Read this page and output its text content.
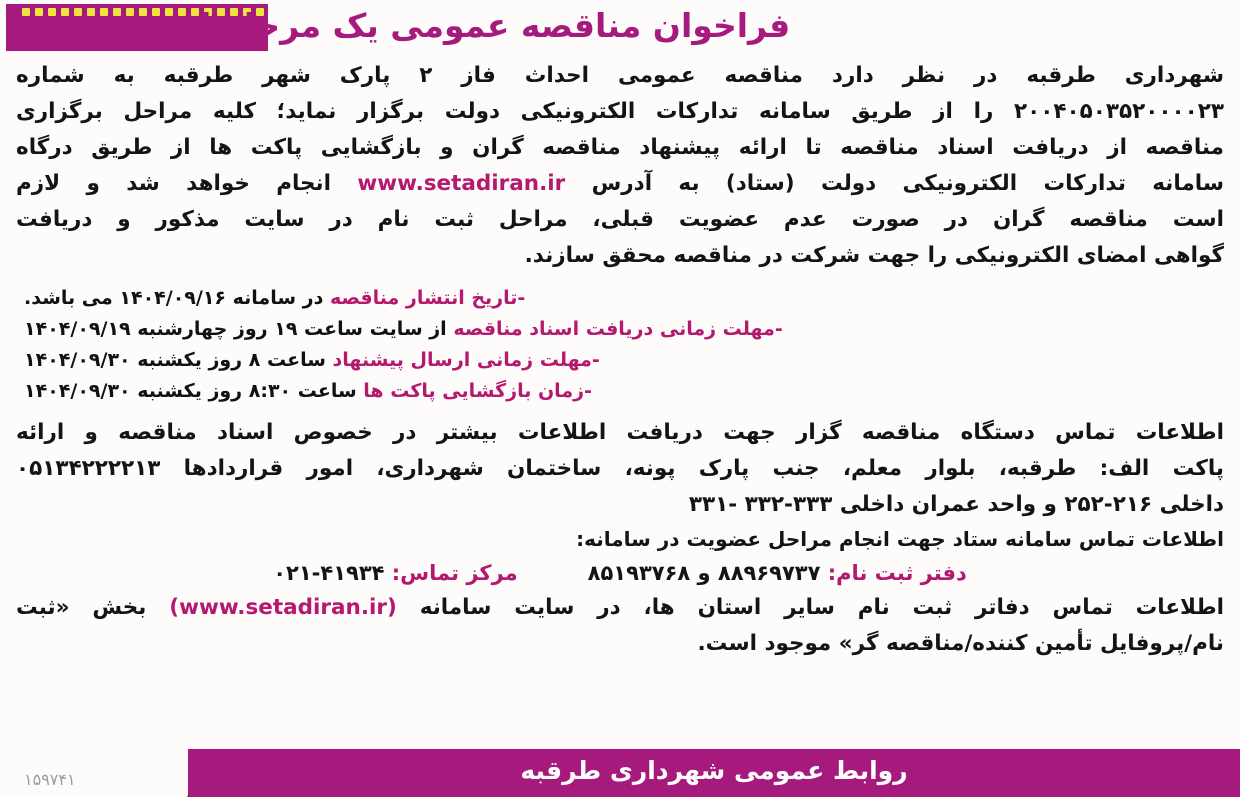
فراخوان مناقصه عمومی یک مرحله ای

شهرداری طرقبه در نظر دارد مناقصه عمومی احداث فاز ۲ پارک شهر طرقبه به شماره

۲۰۰۴۰۵۰۳۵۲۰۰۰۰۲۳ را از طریق سامانه تدارکات الکترونیکی دولت برگزار نماید؛ کلیه مراحل برگزاری

مناقصه از دریافت اسناد مناقصه تا ارائه پیشنهاد مناقصه گران و بازگشایی پاکت ها از طریق درگاه

سامانه تدارکات الکترونیکی دولت (ستاد) به آدرس www.setadiran.ir انجام خواهد شد و لازم

است مناقصه گران در صورت عدم عضویت قبلی، مراحل ثبت نام در سایت مذکور و دریافت

گواهی امضای الکترونیکی را جهت شرکت در مناقصه محقق سازند.

-تاریخ انتشار مناقصه در سامانه ۱۴۰۴/۰۹/۱۶ می باشد.
-مهلت زمانی دریافت اسناد مناقصه از سایت ساعت ۱۹ روز چهارشنبه ۱۴۰۴/۰۹/۱۹
-مهلت زمانی ارسال پیشنهاد ساعت ۸ روز یکشنبه ۱۴۰۴/۰۹/۳۰
-زمان بازگشایی پاکت ها ساعت ۸:۳۰ روز یکشنبه ۱۴۰۴/۰۹/۳۰

اطلاعات تماس دستگاه مناقصه گزار جهت دریافت اطلاعات بیشتر در خصوص اسناد مناقصه و ارائه

پاکت الف: طرقبه، بلوار معلم، جنب پارک پونه، ساختمان شهرداری، امور قراردادها ۰۵۱۳۴۲۲۲۲۱۳

داخلی ۲۱۶-۲۵۲ و واحد عمران داخلی ۳۳۳-۳۳۲ -۳۳۱

اطلاعات تماس سامانه ستاد جهت انجام مراحل عضویت در سامانه:
دفتر ثبت نام: ۸۸۹۶۹۷۳۷ و ۸۵۱۹۳۷۶۸
مرکز تماس: ۴۱۹۳۴-۰۲۱

اطلاعات تماس دفاتر ثبت نام سایر استان ها، در سایت سامانه (www.setadiran.ir) بخش «ثبت

نام/پروفایل تأمین کننده/مناقصه گر» موجود است.

روابط عمومی شهرداری طرقبه
۱۵۹۷۴۱
